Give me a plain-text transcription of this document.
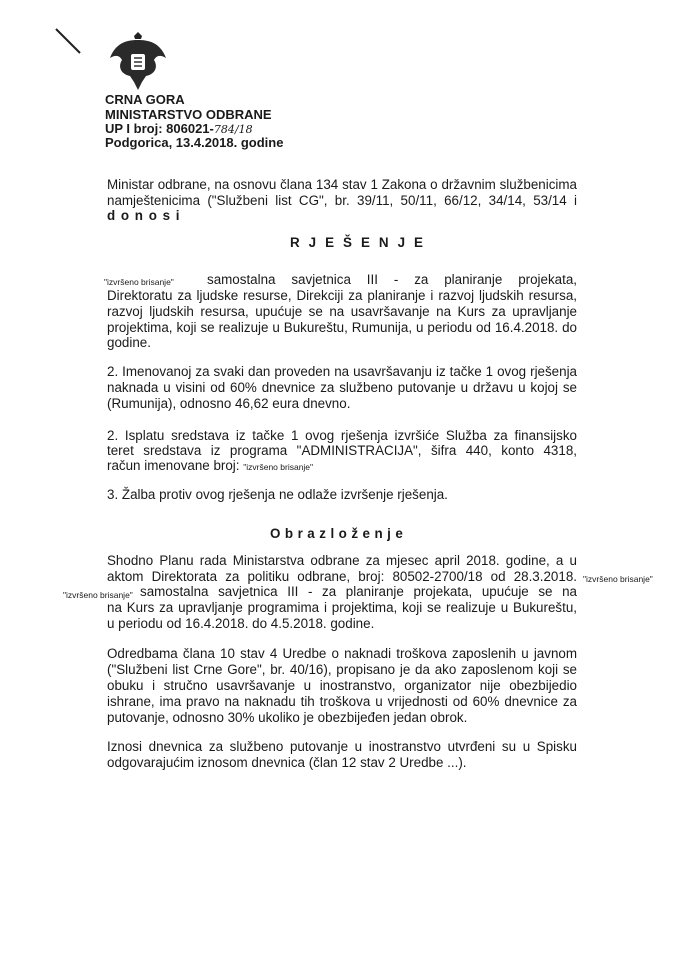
CRNA GORA
MINISTARSTVO ODBRANE
UP I broj: 806021-784/18
Podgorica, 13.4.2018. godine
Ministar odbrane, na osnovu člana 134 stav 1 Zakona o državnim službenicima
namještenicima ("Službeni list CG", br. 39/11, 50/11, 66/12, 34/14, 53/14 i
d o n o s i
RJEŠENJE
"izvršeno brisanje" samostalna savjetnica III - za planiranje projekata,
Direktoratu za ljudske resurse, Direkciji za planiranje i razvoj ljudskih resursa,
razvoj ljudskih resursa, upućuje se na usavršavanje na Kurs za upravljanje
projektima, koji se realizuje u Bukureštu, Rumunija, u periodu od 16.4.2018. do
godine.
2. Imenovanoj za svaki dan proveden na usavršavanju iz tačke 1 ovog rješenja
naknada u visini od 60% dnevnice za službeno putovanje u državu u kojoj se
(Rumunija), odnosno 46,62 eura dnevno.
2. Isplatu sredstava iz tačke 1 ovog rješenja izvršiće Služba za finansijsko
teret sredstava iz programa "ADMINISTRACIJA", šifra 440, konto 4318,
račun imenovane broj: "izvršeno brisanje"
3. Žalba protiv ovog rješenja ne odlaže izvršenje rješenja.
Obrazloženje
Shodno Planu rada Ministarstva odbrane za mjesec april 2018. godine, a u
aktom Direktorata za politiku odbrane, broj: 80502-2700/18 od 28.3.2018. "izvršeno brisanje"
"izvršeno brisanje" samostalna savjetnica III - za planiranje projekata, upućuje se na
na Kurs za upravljanje programima i projektima, koji se realizuje u Bukureštu,
u periodu od 16.4.2018. do 4.5.2018. godine.
Odredbama člana 10 stav 4 Uredbe o naknadi troškova zaposlenih u javnom
("Službeni list Crne Gore", br. 40/16), propisano je da ako zaposlenom koji se
obuku i stručno usavršavanje u inostranstvo, organizator nije obezbijedio
ishrane, ima pravo na naknadu tih troškova u vrijednosti od 60% dnevnice za
putovanje, odnosno 30% ukoliko je obezbijeđen jedan obrok.
Iznosi dnevnica za službeno putovanje u inostranstvo utvrđeni su u Spisku
odgovarajućim iznosom dnevnica (član 12 stav 2 Uredbe ...).
